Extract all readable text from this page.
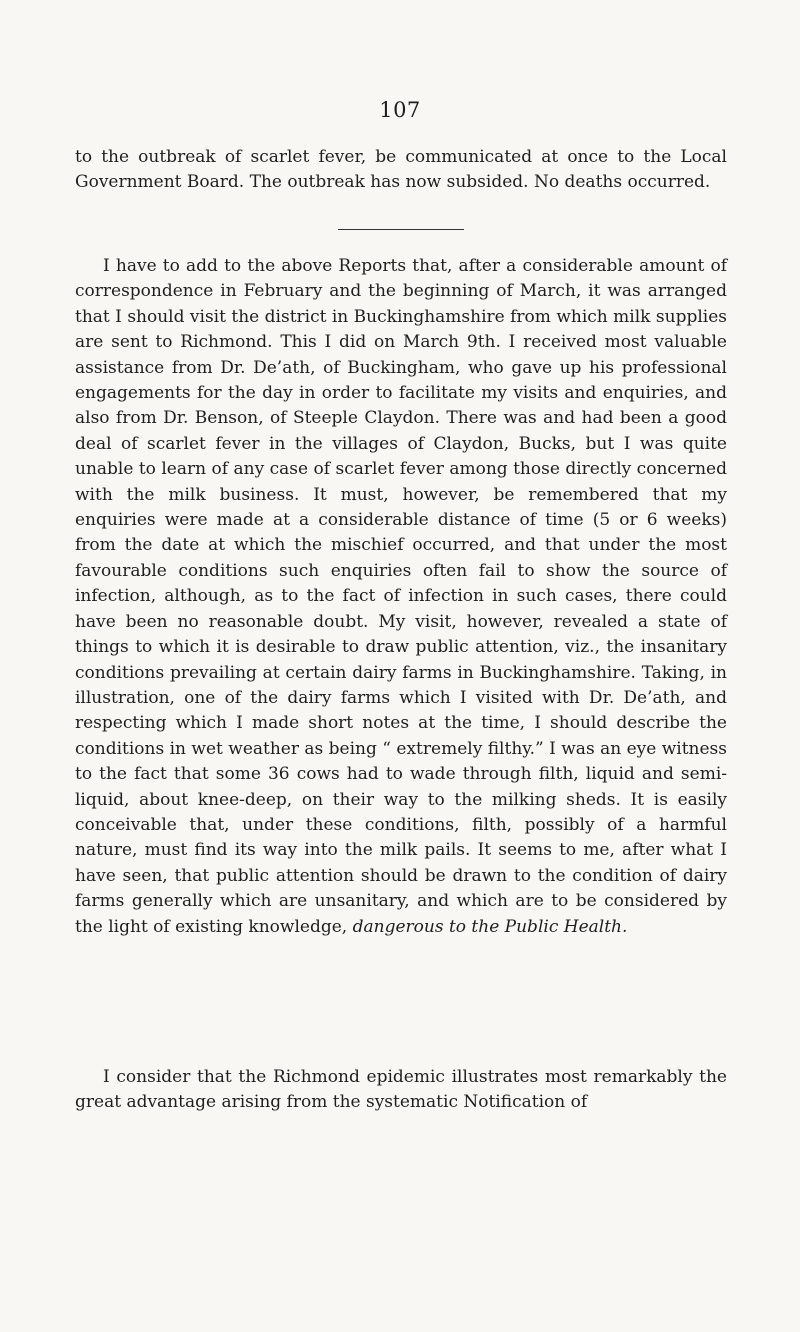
107

to the outbreak of scarlet fever, be communicated at once to the Local Government Board. The outbreak has now subsided. No deaths occurred.

I have to add to the above Reports that, after a considerable amount of correspondence in February and the beginning of March, it was arranged that I should visit the district in Buckinghamshire from which milk supplies are sent to Richmond. This I did on March 9th. I received most valuable assistance from Dr. De’ath, of Buckingham, who gave up his professional engagements for the day in order to facilitate my visits and enquiries, and also from Dr. Benson, of Steeple Claydon. There was and had been a good deal of scarlet fever in the villages of Claydon, Bucks, but I was quite unable to learn of any case of scarlet fever among those directly concerned with the milk business. It must, however, be remembered that my enquiries were made at a considerable distance of time (5 or 6 weeks) from the date at which the mischief occurred, and that under the most favourable conditions such enquiries often fail to show the source of infection, although, as to the fact of infection in such cases, there could have been no reasonable doubt. My visit, however, revealed a state of things to which it is desirable to draw public attention, viz., the insanitary conditions prevailing at certain dairy farms in Buckinghamshire. Taking, in illustration, one of the dairy farms which I visited with Dr. De’ath, and respecting which I made short notes at the time, I should describe the conditions in wet weather as being “ extremely filthy.” I was an eye witness to the fact that some 36 cows had to wade through filth, liquid and semi-liquid, about knee-deep, on their way to the milking sheds. It is easily conceivable that, under these conditions, filth, possibly of a harmful nature, must find its way into the milk pails. It seems to me, after what I have seen, that public attention should be drawn to the condition of dairy farms generally which are unsanitary, and which are to be considered by the light of existing knowledge, dangerous to the Public Health.

I consider that the Richmond epidemic illustrates most remarkably the great advantage arising from the systematic Notification of
